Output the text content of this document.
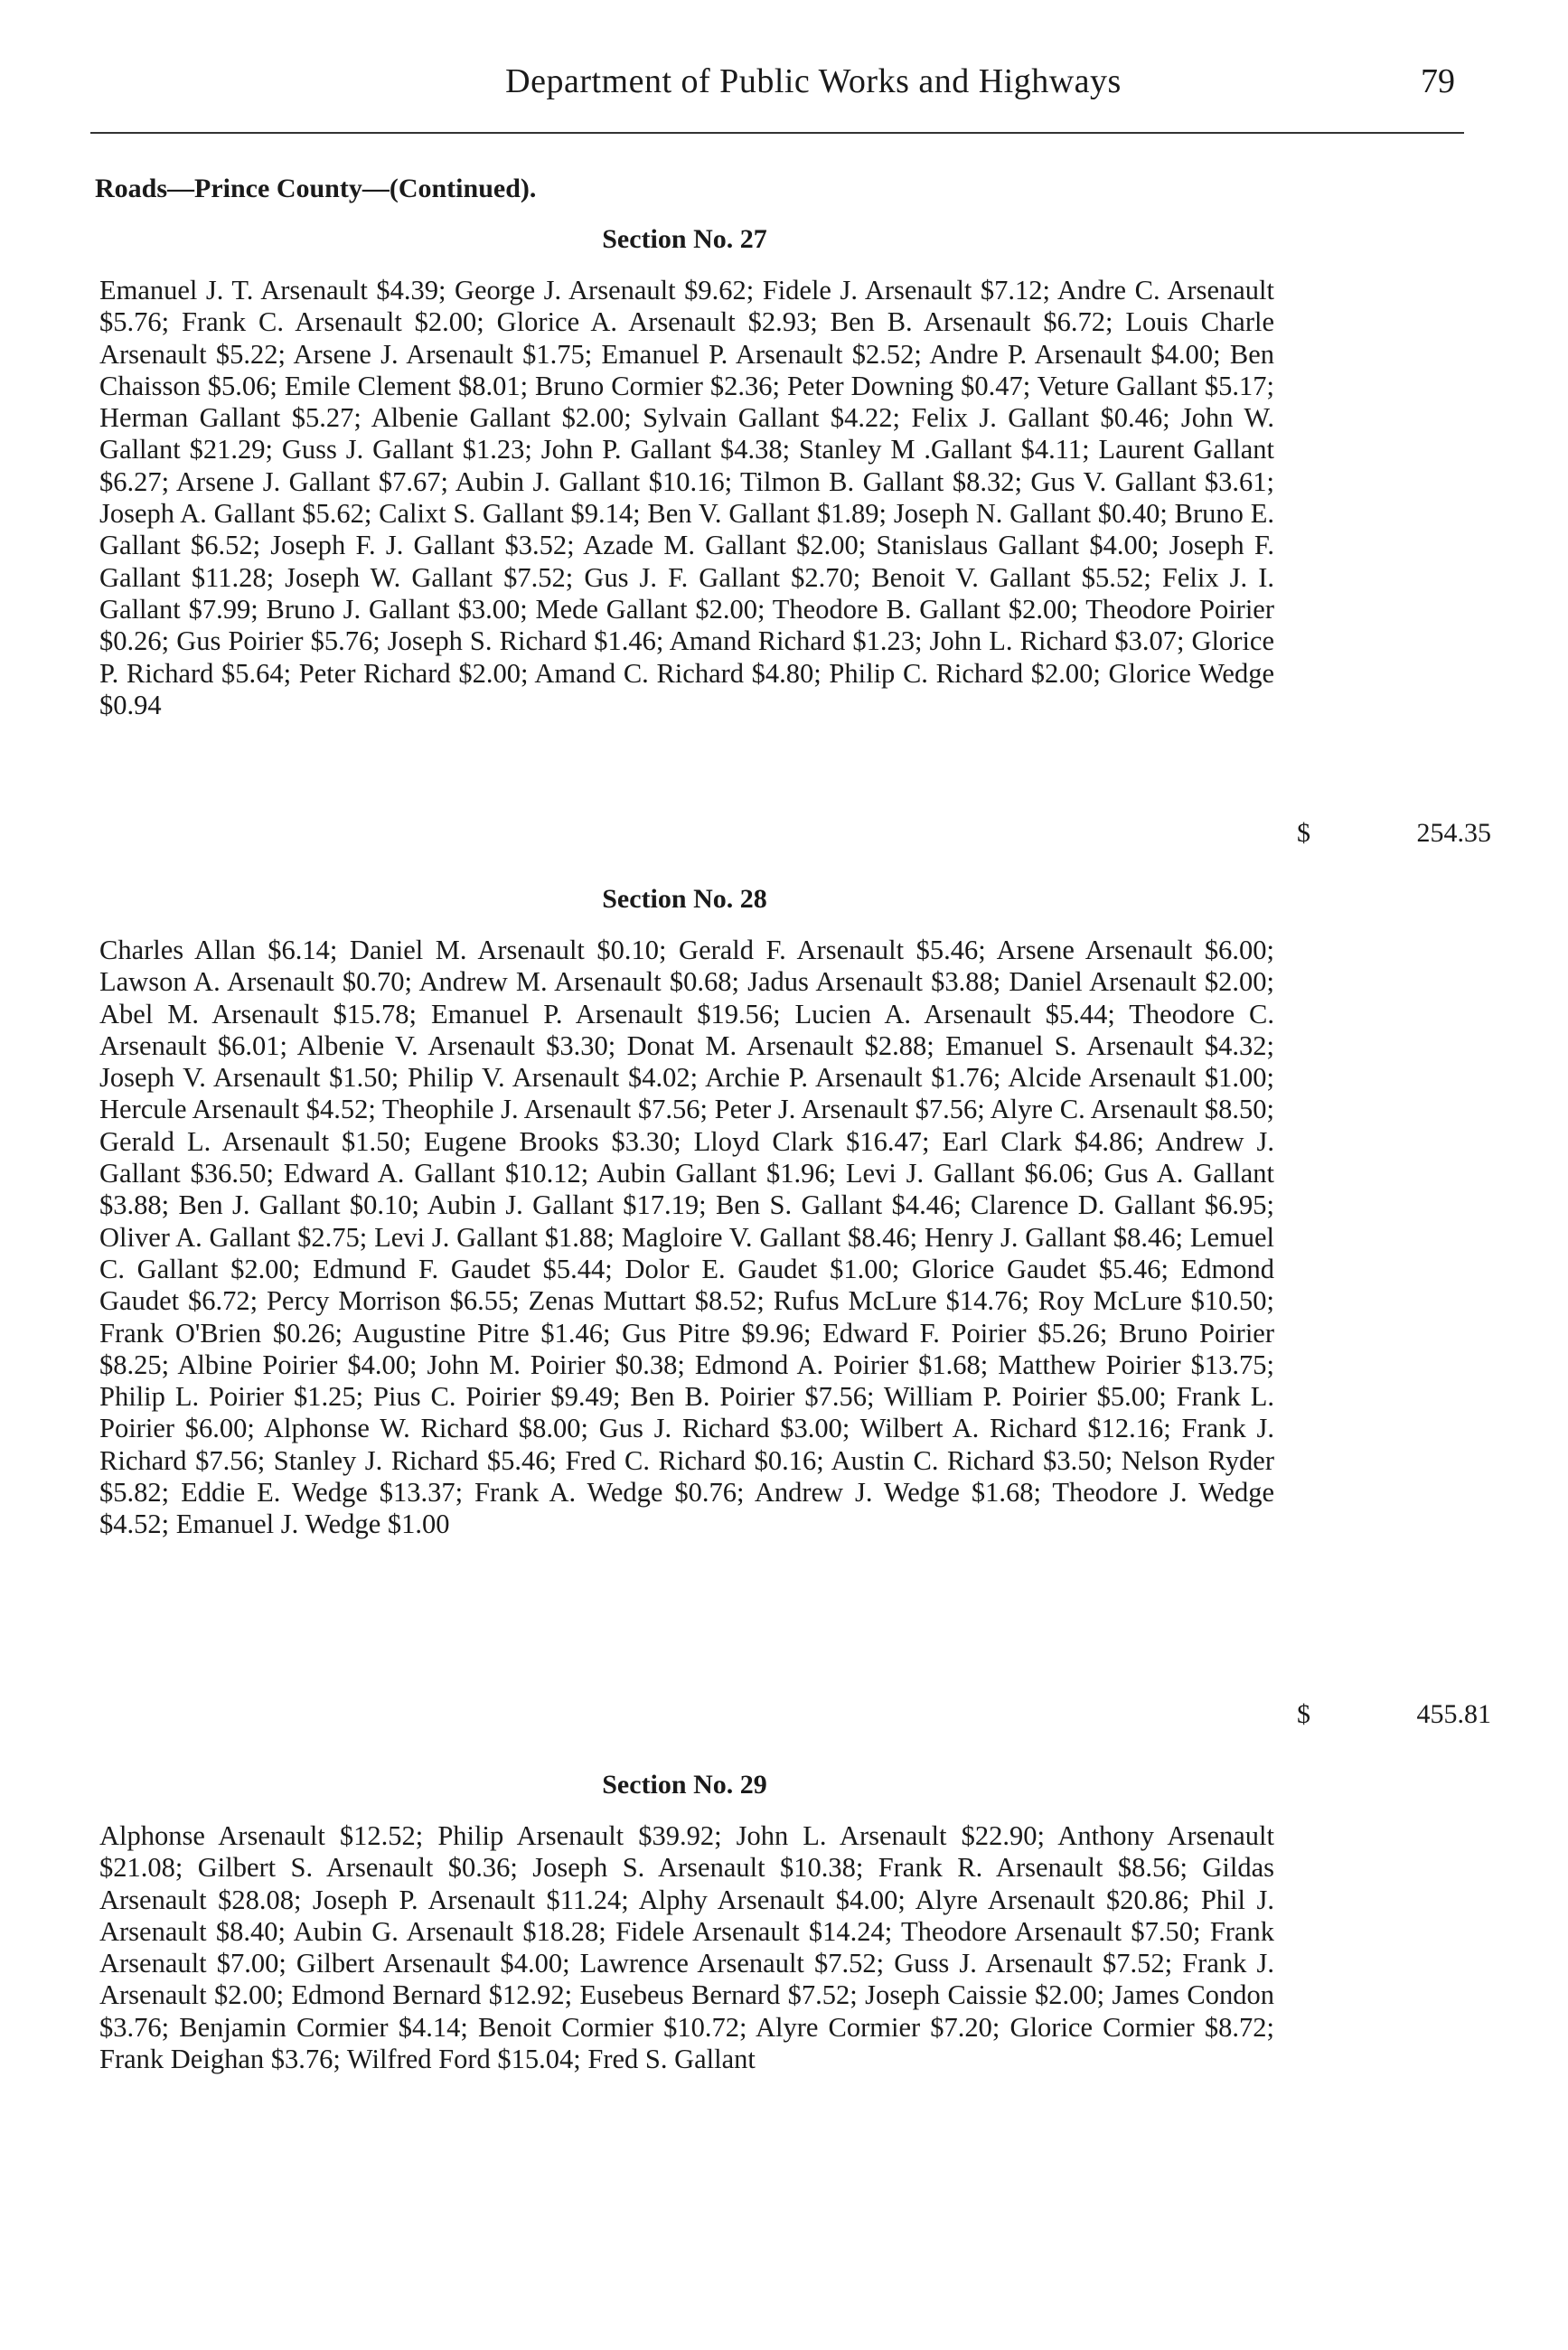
Department of Public Works and Highways	79
Roads—Prince County—(Continued).
Section No. 27
Emanuel J. T. Arsenault $4.39; George J. Arsenault $9.62; Fidele J. Arsenault $7.12; Andre C. Arsenault $5.76; Frank C. Arsenault $2.00; Glorice A. Arsenault $2.93; Ben B. Arsenault $6.72; Louis Charle Arsenault $5.22; Arsene J. Arsenault $1.75; Emanuel P. Arsenault $2.52; Andre P. Arsenault $4.00; Ben Chaisson $5.06; Emile Clement $8.01; Bruno Cormier $2.36; Peter Downing $0.47; Veture Gallant $5.17; Herman Gallant $5.27; Albenie Gallant $2.00; Sylvain Gallant $4.22; Felix J. Gallant $0.46; John W. Gallant $21.29; Guss J. Gallant $1.23; John P. Gallant $4.38; Stanley M .Gallant $4.11; Laurent Gallant $6.27; Arsene J. Gallant $7.67; Aubin J. Gallant $10.16; Tilmon B. Gallant $8.32; Gus V. Gallant $3.61; Joseph A. Gallant $5.62; Calixt S. Gallant $9.14; Ben V. Gallant $1.89; Joseph N. Gallant $0.40; Bruno E. Gallant $6.52; Joseph F. J. Gallant $3.52; Azade M. Gallant $2.00; Stanislaus Gallant $4.00; Joseph F. Gallant $11.28; Joseph W. Gallant $7.52; Gus J. F. Gallant $2.70; Benoit V. Gallant $5.52; Felix J. I. Gallant $7.99; Bruno J. Gallant $3.00; Mede Gallant $2.00; Theodore B. Gallant $2.00; Theodore Poirier $0.26; Gus Poirier $5.76; Joseph S. Richard $1.46; Amand Richard $1.23; John L. Richard $3.07; Glorice P. Richard $5.64; Peter Richard $2.00; Amand C. Richard $4.80; Philip C. Richard $2.00; Glorice Wedge $0.94
$	254.35
Section No. 28
Charles Allan $6.14; Daniel M. Arsenault $0.10; Gerald F. Arsenault $5.46; Arsene Arsenault $6.00; Lawson A. Arsenault $0.70; Andrew M. Arsenault $0.68; Jadus Arsenault $3.88; Daniel Arsenault $2.00; Abel M. Arsenault $15.78; Emanuel P. Arsenault $19.56; Lucien A. Arsenault $5.44; Theodore C. Arsenault $6.01; Albenie V. Arsenault $3.30; Donat M. Arsenault $2.88; Emanuel S. Arsenault $4.32; Joseph V. Arsenault $1.50; Philip V. Arsenault $4.02; Archie P. Arsenault $1.76; Alcide Arsenault $1.00; Hercule Arsenault $4.52; Theophile J. Arsenault $7.56; Peter J. Arsenault $7.56; Alyre C. Arsenault $8.50; Gerald L. Arsenault $1.50; Eugene Brooks $3.30; Lloyd Clark $16.47; Earl Clark $4.86; Andrew J. Gallant $36.50; Edward A. Gallant $10.12; Aubin Gallant $1.96; Levi J. Gallant $6.06; Gus A. Gallant $3.88; Ben J. Gallant $0.10; Aubin J. Gallant $17.19; Ben S. Gallant $4.46; Clarence D. Gallant $6.95; Oliver A. Gallant $2.75; Levi J. Gallant $1.88; Magloire V. Gallant $8.46; Henry J. Gallant $8.46; Lemuel C. Gallant $2.00; Edmund F. Gaudet $5.44; Dolor E. Gaudet $1.00; Glorice Gaudet $5.46; Edmond Gaudet $6.72; Percy Morrison $6.55; Zenas Muttart $8.52; Rufus McLure $14.76; Roy McLure $10.50; Frank O'Brien $0.26; Augustine Pitre $1.46; Gus Pitre $9.96; Edward F. Poirier $5.26; Bruno Poirier $8.25; Albine Poirier $4.00; John M. Poirier $0.38; Edmond A. Poirier $1.68; Matthew Poirier $13.75; Philip L. Poirier $1.25; Pius C. Poirier $9.49; Ben B. Poirier $7.56; William P. Poirier $5.00; Frank L. Poirier $6.00; Alphonse W. Richard $8.00; Gus J. Richard $3.00; Wilbert A. Richard $12.16; Frank J. Richard $7.56; Stanley J. Richard $5.46; Fred C. Richard $0.16; Austin C. Richard $3.50; Nelson Ryder $5.82; Eddie E. Wedge $13.37; Frank A. Wedge $0.76; Andrew J. Wedge $1.68; Theodore J. Wedge $4.52; Emanuel J. Wedge $1.00
$	455.81
Section No. 29
Alphonse Arsenault $12.52; Philip Arsenault $39.92; John L. Arsenault $22.90; Anthony Arsenault $21.08; Gilbert S. Arsenault $0.36; Joseph S. Arsenault $10.38; Frank R. Arsenault $8.56; Gildas Arsenault $28.08; Joseph P. Arsenault $11.24; Alphy Arsenault $4.00; Alyre Arsenault $20.86; Phil J. Arsenault $8.40; Aubin G. Arsenault $18.28; Fidele Arsenault $14.24; Theodore Arsenault $7.50; Frank Arsenault $7.00; Gilbert Arsenault $4.00; Lawrence Arsenault $7.52; Guss J. Arsenault $7.52; Frank J. Arsenault $2.00; Edmond Bernard $12.92; Eusebeus Bernard $7.52; Joseph Caissie $2.00; James Condon $3.76; Benjamin Cormier $4.14; Benoit Cormier $10.72; Alyre Cormier $7.20; Glorice Cormier $8.72; Frank Deighan $3.76; Wilfred Ford $15.04; Fred S. Gallant
